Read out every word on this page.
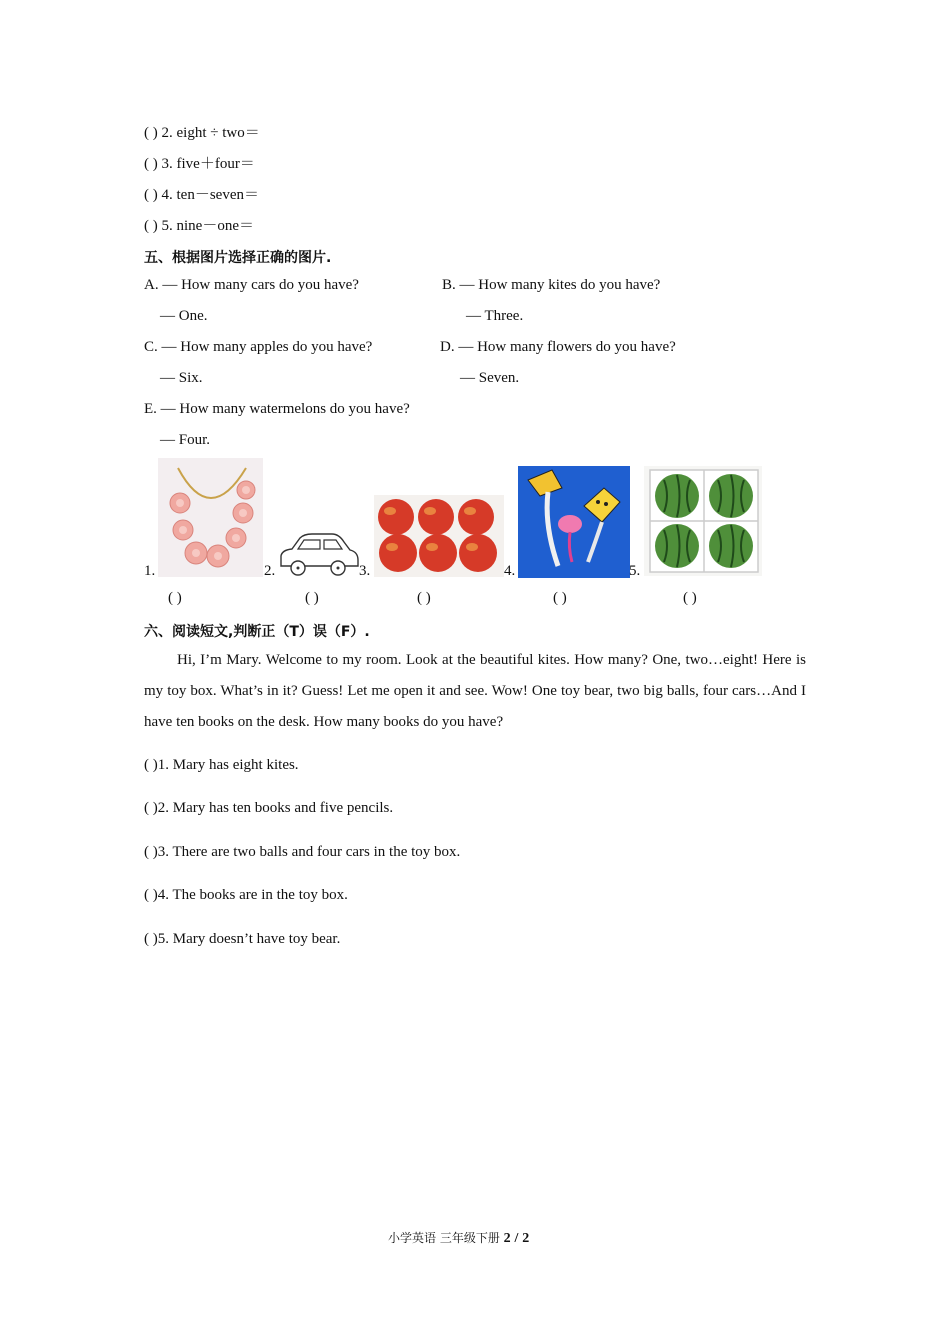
( ) 2. eight ÷ two＝
( ) 3. five＋four＝
( ) 4. ten－seven＝
( ) 5. nine－one＝
五、根据图片选择正确的图片.
A. — How many cars do you have?	B. — How many kites do you have?
— One.	— Three.
C. — How many apples do you have?	D. — How many flowers do you have?
— Six.	— Seven.
E. — How many watermelons do you have?
— Four.
1.	2.	3.	4.	5.
( )	( )	( )	( )	( )
六、阅读短文,判断正（T）误（F）.
Hi, I’m Mary. Welcome to my room. Look at the beautiful kites. How many? One, two…eight! Here is my toy box. What’s in it? Guess! Let me open it and see. Wow! One toy bear, two big balls, four cars…And I have ten books on the desk. How many books do you have?
( )1. Mary has eight kites.
( )2. Mary has ten books and five pencils.
( )3. There are two balls and four cars in the toy box.
( )4. The books are in the toy box.
( )5. Mary doesn’t have toy bear.
小学英语 三年级下册 2 / 2
